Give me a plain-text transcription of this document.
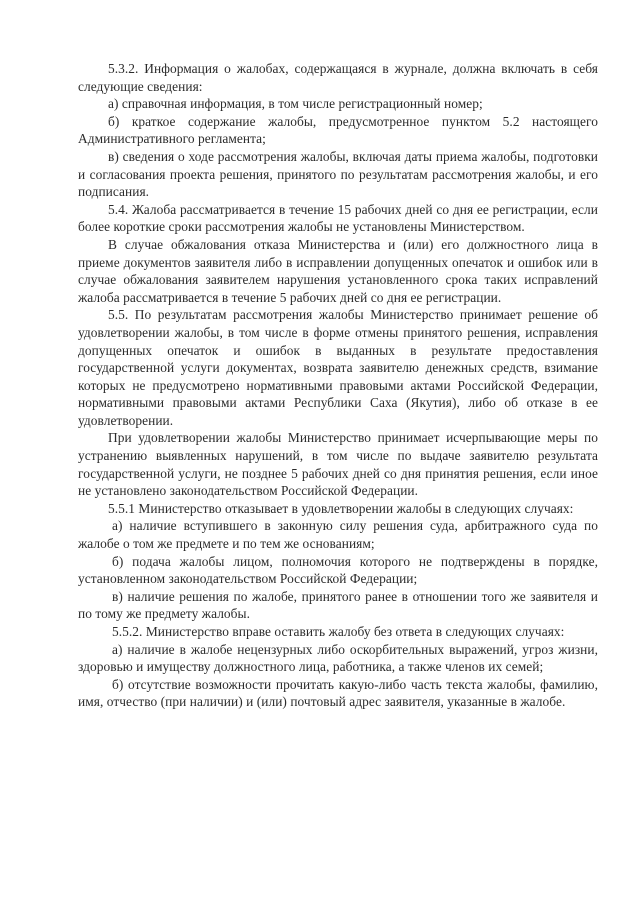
5.3.2. Информация о жалобах, содержащаяся в журнале, должна включать в себя следующие сведения:

а) справочная информация, в том числе регистрационный номер;

б) краткое содержание жалобы, предусмотренное пунктом 5.2 настоящего Административного регламента;

в) сведения о ходе рассмотрения жалобы, включая даты приема жалобы, подготовки и согласования проекта решения, принятого по результатам рассмотрения жалобы, и его подписания.

5.4. Жалоба рассматривается в течение 15 рабочих дней со дня ее регистрации, если более короткие сроки рассмотрения жалобы не установлены Министерством.

В случае обжалования отказа Министерства и (или) его должностного лица в приеме документов заявителя либо в исправлении допущенных опечаток и ошибок или в случае обжалования заявителем нарушения установленного срока таких исправлений жалоба рассматривается в течение 5 рабочих дней со дня ее регистрации.

5.5. По результатам рассмотрения жалобы Министерство принимает решение об удовлетворении жалобы, в том числе в форме отмены принятого решения, исправления допущенных опечаток и ошибок в выданных в результате предоставления государственной услуги документах, возврата заявителю денежных средств, взимание которых не предусмотрено нормативными правовыми актами Российской Федерации, нормативными правовыми актами Республики Саха (Якутия), либо об отказе в ее удовлетворении.

При удовлетворении жалобы Министерство принимает исчерпывающие меры по устранению выявленных нарушений, в том числе по выдаче заявителю результата государственной услуги, не позднее 5 рабочих дней со дня принятия решения, если иное не установлено законодательством Российской Федерации.

5.5.1 Министерство отказывает в удовлетворении жалобы в следующих случаях:

а) наличие вступившего в законную силу решения суда, арбитражного суда по жалобе о том же предмете и по тем же основаниям;

б) подача жалобы лицом, полномочия которого не подтверждены в порядке, установленном законодательством Российской Федерации;

в) наличие решения по жалобе, принятого ранее в отношении того же заявителя и по тому же предмету жалобы.

5.5.2. Министерство вправе оставить жалобу без ответа в следующих случаях:

а) наличие в жалобе нецензурных либо оскорбительных выражений, угроз жизни, здоровью и имуществу должностного лица, работника, а также членов их семей;

б) отсутствие возможности прочитать какую-либо часть текста жалобы, фамилию, имя, отчество (при наличии) и (или) почтовый адрес заявителя, указанные в жалобе.
